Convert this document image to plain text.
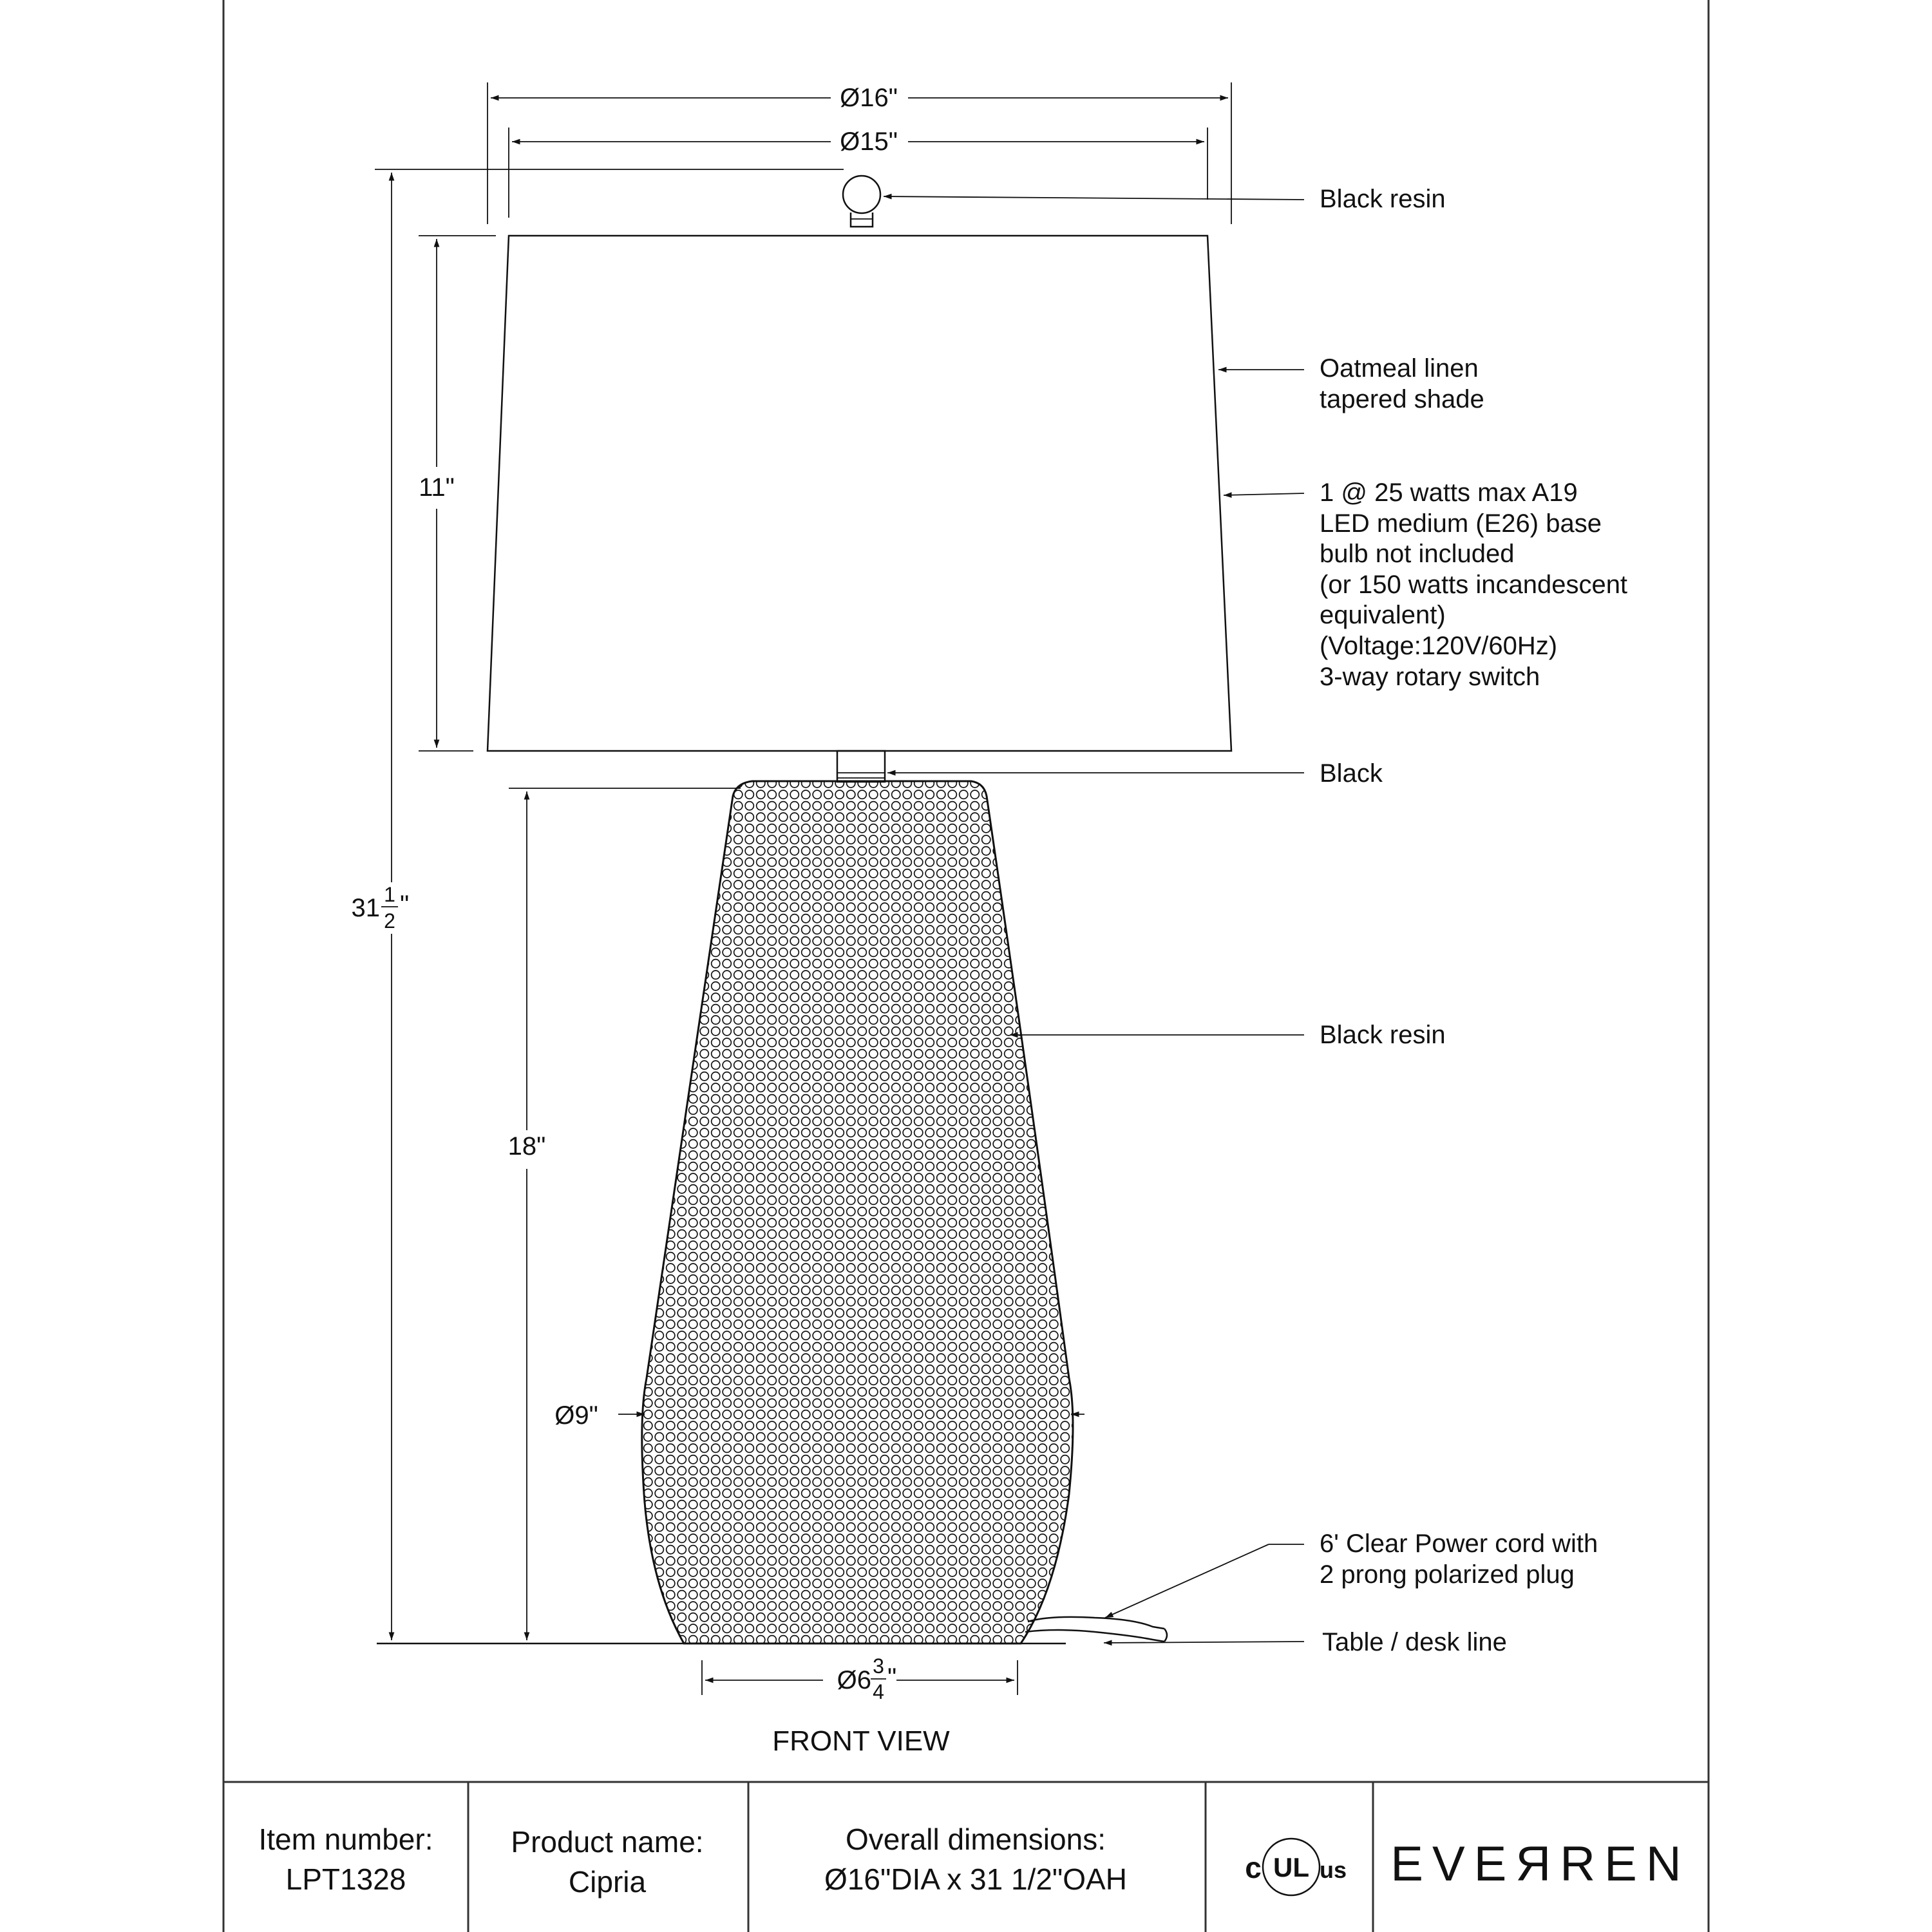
Ø16"
Ø15"
11"
31 1
2
"
18"
Ø9"
Ø6 3
4 "
FRONT VIEW
Black resin
Oatmeal linen
tapered shade
1 @ 25 watts max A19
LED medium (E26) base
bulb not included
(or 150 watts incandescent
equivalent)
(Voltage:120V/60Hz)
3-way rotary switch
Black
Black resin
6' Clear Power cord with
2 prong polarized plug
Table / desk line
Item number:
LPT1328
Product name:
Cipria
Overall dimensions:
Ø16"DIA x 31 1/2"OAH	c UL us EVEЯREN
